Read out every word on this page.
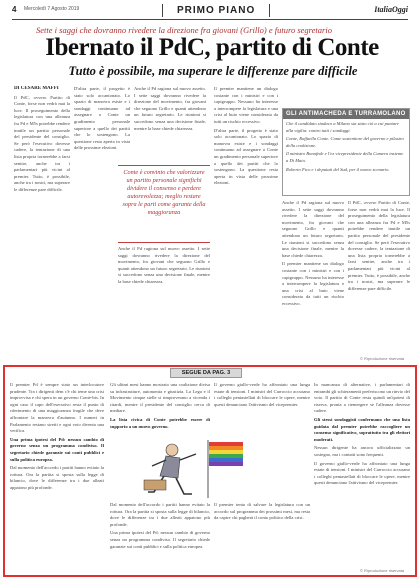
4 Mercoledì 7 Agosto 2019	PRIMO PIANO	ItaliaOggi
Sette i saggi che dovranno rivedere la direzione fra giovani (Grillo) e futuro segretario
Ibernato il PdC, partito di Conte
Tutto è possibile, ma superare le differenze pare difficile
DI CESARE MAFFI

Il PdC, ovvero Partito di Conte, forse non vedrà mai la luce. Il proseguimento della legislatura con una alleanza fra Pd e M5s potrebbe rendere inutile un partito personale del presidente del consiglio. Se però l'esecutivo dovesse cadere, la tentazione di una lista propria tornerebbe a farsi sentire, anche tra i parlamentari più vicini al premier. Tutto, è possibile, anche tra i nostri, ma superare le differenze pare difficile.

D'altra parte, il progetto è stato solo accantonato. Lo spazio di manovra esiste e i sondaggi continuano ad assegnare a Conte un gradimento personale superiore a quello dei partiti che lo sostengono. La questione resta aperta in vista delle prossime elezioni.

Anche il Pd ragiona sul nuovo assetto. I sette saggi dovranno rivedere la direzione del movimento, fra giovani che seguono Grillo e quanti attendono un futuro segretario. Le riunioni si succedono senza una decisione finale, mentre la base chiede chiarezza.

Conte è convinto che valorizzare un partito personale significhi dividere il consenso e perdere autorevolezza; meglio restare sopra le parti come garante della maggioranza

Anche il Pd ragiona sul nuovo assetto. I sette saggi dovranno rivedere la direzione del movimento, fra giovani che seguono Grillo e quanti attendono un futuro segretario. Le riunioni si succedono senza una decisione finale, mentre la base chiede chiarezza.

Il premier mantiene un dialogo costante con i ministri e con i capigruppo. Nessuno ha interesse a interrompere la legislatura e una crisi al buio viene considerata da tutti un rischio eccessivo.

D'altra parte, il progetto è stato solo accantonato. Lo spazio di manovra esiste e i sondaggi continuano ad assegnare a Conte un gradimento personale superiore a quello dei partiti che lo sostengono. La questione resta aperta in vista delle prossime elezioni.

GLI ANTIMACHEDA E TURRAMOLANO

Che il candidato sindaco a Milano sia stato ciò a cui puntare alla vigilia: contro tutti i sondaggi.

Conte, Raffaella Conte. Come sostenitore del governo e pilastro della coalizione.

Il ministro Bonafede e l'ex vicepresidente della Camera insieme a Di Maio.

Roberto Fico e i deputati del Sud, per il nuovo scenario.

Anche il Pd ragiona sul nuovo assetto. I sette saggi dovranno rivedere la direzione del movimento, fra giovani che seguono Grillo e quanti attendono un futuro segretario. Le riunioni si succedono senza una decisione finale, mentre la base chiede chiarezza.

Il premier mantiene un dialogo costante con i ministri e con i capigruppo. Nessuno ha interesse a interrompere la legislatura e una crisi al buio viene considerata da tutti un rischio eccessivo.

Il PdC, ovvero Partito di Conte, forse non vedrà mai la luce. Il proseguimento della legislatura con una alleanza fra Pd e M5s potrebbe rendere inutile un partito personale del presidente del consiglio. Se però l'esecutivo dovesse cadere, la tentazione di una lista propria tornerebbe a farsi sentire, anche tra i parlamentari più vicini al premier. Tutto, è possibile, anche tra i nostri, ma superare le differenze pare difficile.

© Riproduzione riservata
SEGUE DA PAG. 3

Il premier Pd è sempre stato un interlocutore prudente. Tra i dirigenti dem c'è chi teme una crisi improvvisa e chi spera in un governo Conte-bis. In ogni caso il capo dell'esecutivo resta il punto di riferimento di una maggioranza fragile che deve affrontare la manovra d'autunno. I numeri in Parlamento restano stretti e ogni voto diventa una verifica.

Una prima ipotesi del Pd: nessun cambio di governo senza un programma condiviso. Il segretario chiede garanzie sui conti pubblici e sulla politica europea.

Dal momento dell'accordo i partiti hanno evitato la rottura. Ora la partita si sposta sulla legge di bilancio, dove le differenze tra i due alleati appaiono più profonde.

Gli ultimi mesi hanno mostrato una coalizione divisa su infrastrutture, autonomia e giustizia. La Lega e il Movimento cinque stelle si rimproverano a vicenda i ritardi, mentre il presidente del consiglio cerca di mediare.

La lista civica di Conte potrebbe essere di supporto a un nuovo governo.

Il governo giallo-verde ha affrontato una lunga estate di tensioni. I ministri del Carroccio accusano i colleghi pentastellati di bloccare le opere, mentre questi denunciano l'attivismo del vicepremier.

Dal momento dell'accordo i partiti hanno evitato la rottura. Ora la partita si sposta sulla legge di bilancio, dove le differenze tra i due alleati appaiono più profonde.

Una prima ipotesi del Pd: nessun cambio di governo senza un programma condiviso. Il segretario chiede garanzie sui conti pubblici e sulla politica europea.

Il premier tenta di salvare la legislatura con un accordo sul programma dei prossimi mesi, ma resta da capire chi pagherà il conto politico della crisi.

In mancanza di alternative, i parlamentari di entrambi gli schieramenti preferiscono un rinvio del voto. Il partito di Conte resta quindi un'ipotesi di riserva, pronta a riemergere se l'alleanza dovesse cadere.

Gli stessi sondaggisti confermano che una lista guidata dal premier potrebbe raccogliere un consenso significativo, soprattutto tra gli elettori moderati.

Nessun dirigente ha ancora ufficializzato un sostegno, ma i contatti sono frequenti.

Il governo giallo-verde ha affrontato una lunga estate di tensioni. I ministri del Carroccio accusano i colleghi pentastellati di bloccare le opere, mentre questi denunciano l'attivismo del vicepremier.

© Riproduzione riservata
